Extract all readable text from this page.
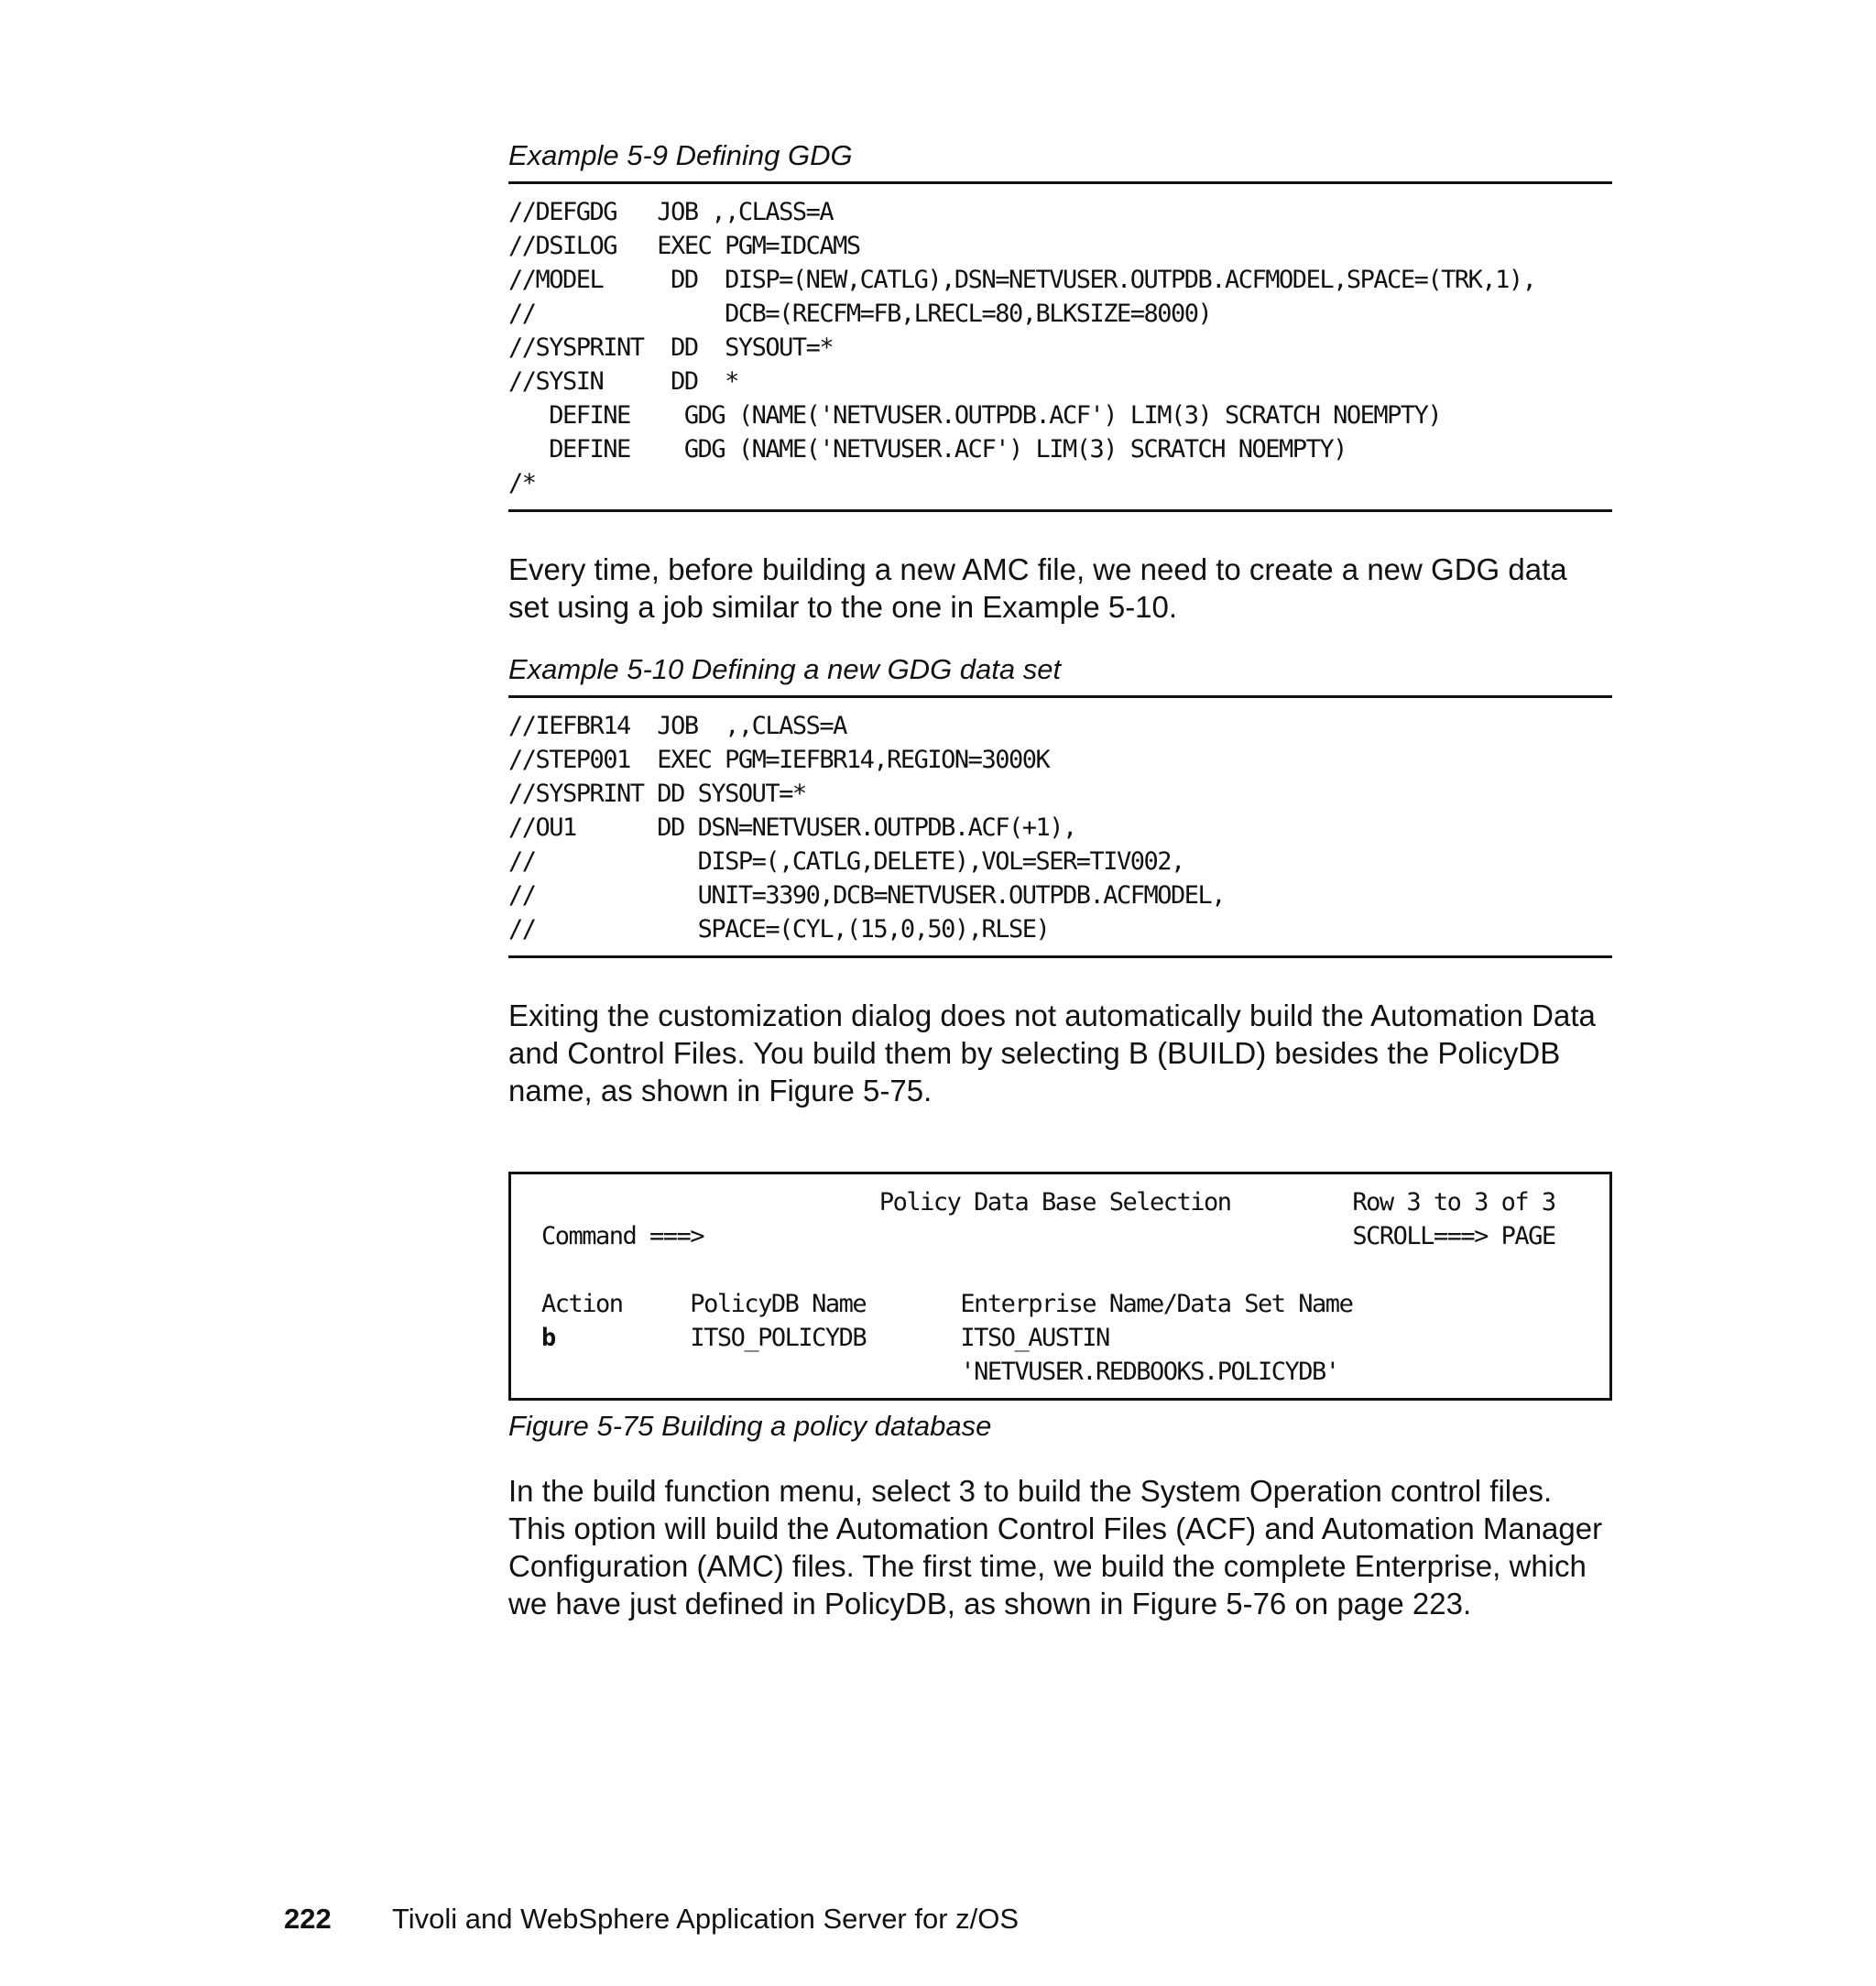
Example 5-9 Defining GDG

//DEFGDG   JOB ,,CLASS=A

//DSILOG   EXEC PGM=IDCAMS

//MODEL     DD  DISP=(NEW,CATLG),DSN=NETVUSER.OUTPDB.ACFMODEL,SPACE=(TRK,1),

//              DCB=(RECFM=FB,LRECL=80,BLKSIZE=8000)

//SYSPRINT  DD  SYSOUT=*

//SYSIN     DD  *

DEFINE    GDG (NAME('NETVUSER.OUTPDB.ACF') LIM(3) SCRATCH NOEMPTY)

DEFINE    GDG (NAME('NETVUSER.ACF') LIM(3) SCRATCH NOEMPTY)

/*

Every time, before building a new AMC file, we need to create a new GDG data set using a job similar to the one in Example 5-10.

Example 5-10 Defining a new GDG data set

//IEFBR14  JOB  ,,CLASS=A

//STEP001  EXEC PGM=IEFBR14,REGION=3000K

//SYSPRINT DD SYSOUT=*

//OU1      DD DSN=NETVUSER.OUTPDB.ACF(+1),

//            DISP=(,CATLG,DELETE),VOL=SER=TIV002,

//            UNIT=3390,DCB=NETVUSER.OUTPDB.ACFMODEL,

//            SPACE=(CYL,(15,0,50),RLSE)

Exiting the customization dialog does not automatically build the Automation Data and Control Files. You build them by selecting B (BUILD) besides the PolicyDB name, as shown in Figure 5-75.

Policy Data Base Selection         Row 3 to 3 of 3

Command ===>                                                SCROLL===> PAGE

Action     PolicyDB Name       Enterprise Name/Data Set Name

b          ITSO_POLICYDB       ITSO_AUSTIN

'NETVUSER.REDBOOKS.POLICYDB'

Figure 5-75 Building a policy database

In the build function menu, select 3 to build the System Operation control files. This option will build the Automation Control Files (ACF) and Automation Manager Configuration (AMC) files. The first time, we build the complete Enterprise, which we have just defined in PolicyDB, as shown in Figure 5-76 on page 223.

222 Tivoli and WebSphere Application Server for z/OS
